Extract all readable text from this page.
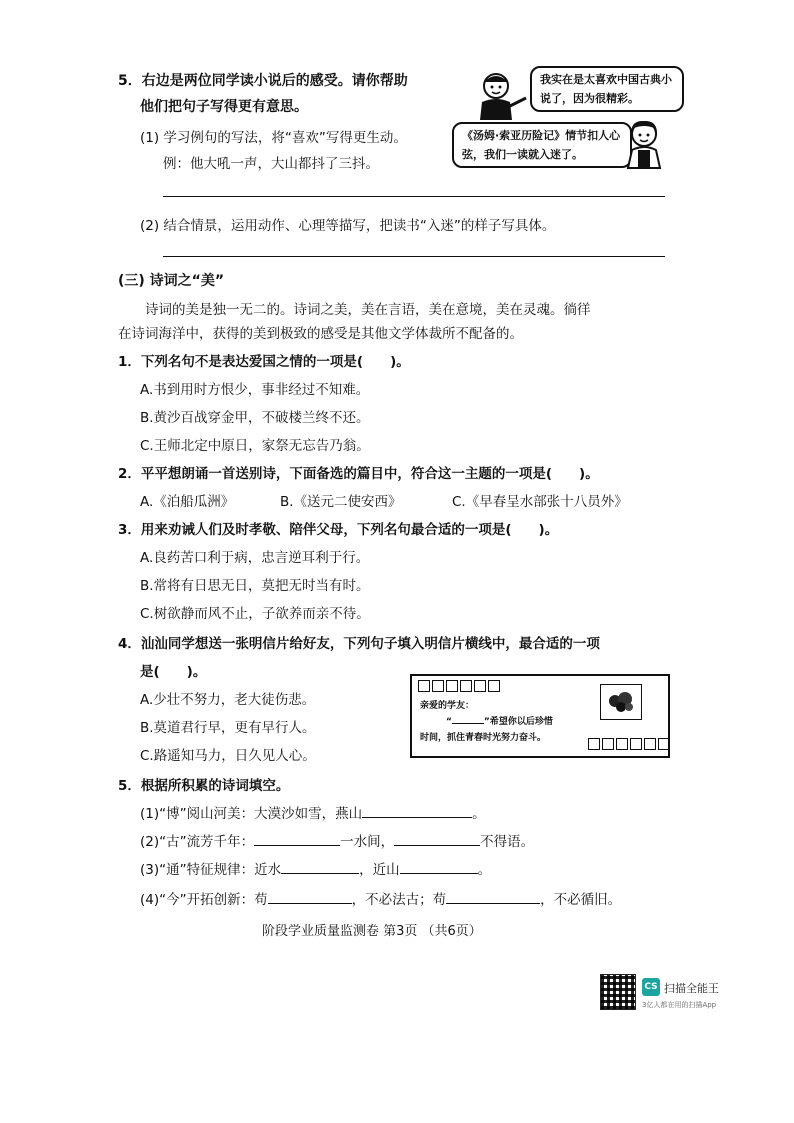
5．右边是两位同学读小说后的感受。请你帮助
他们把句子写得更有意思。
我实在是太喜欢中国古典小说了，因为很精彩。
《汤姆·索亚历险记》情节扣人心弦，我们一读就入迷了。
(1) 学习例句的写法，将“喜欢”写得更生动。
例：他大吼一声，大山都抖了三抖。
(2) 结合情景，运用动作、心理等描写，把读书“入迷”的样子写具体。
(三) 诗词之“美”
诗词的美是独一无二的。诗词之美，美在言语，美在意境，美在灵魂。徜徉
在诗词海洋中，获得的美到极致的感受是其他文学体裁所不配备的。
1．下列名句不是表达爱国之情的一项是(　　)。
A.书到用时方恨少，事非经过不知难。
B.黄沙百战穿金甲，不破楼兰终不还。
C.王师北定中原日，家祭无忘告乃翁。
2．平平想朗诵一首送别诗，下面备选的篇目中，符合这一主题的一项是(　　)。
A.《泊船瓜洲》	B.《送元二使安西》	C.《早春呈水部张十八员外》
3．用来劝诫人们及时孝敬、陪伴父母，下列名句最合适的一项是(　　)。
A.良药苦口利于病，忠言逆耳利于行。
B.常将有日思无日，莫把无时当有时。
C.树欲静而风不止，子欲养而亲不待。
4．汕汕同学想送一张明信片给好友，下列句子填入明信片横线中，最合适的一项
是(　　)。
A.少壮不努力，老大徒伤悲。
B.莫道君行早，更有早行人。
C.路遥知马力，日久见人心。
亲爱的学友：
“	”希望你以后珍惜
时间，抓住青春时光努力奋斗。
5．根据所积累的诗词填空。
(1)“博”阅山河美：大漠沙如雪，燕山	。
(2)“古”流芳千年：	一水间，	不得语。
(3)“通”特征规律：近水	，近山	。
(4)“今”开拓创新：苟	，不必法古；苟	，不必循旧。
阶段学业质量监测卷 第3页 （共6页）
CS 扫描全能王
3亿人都在用的扫描App
